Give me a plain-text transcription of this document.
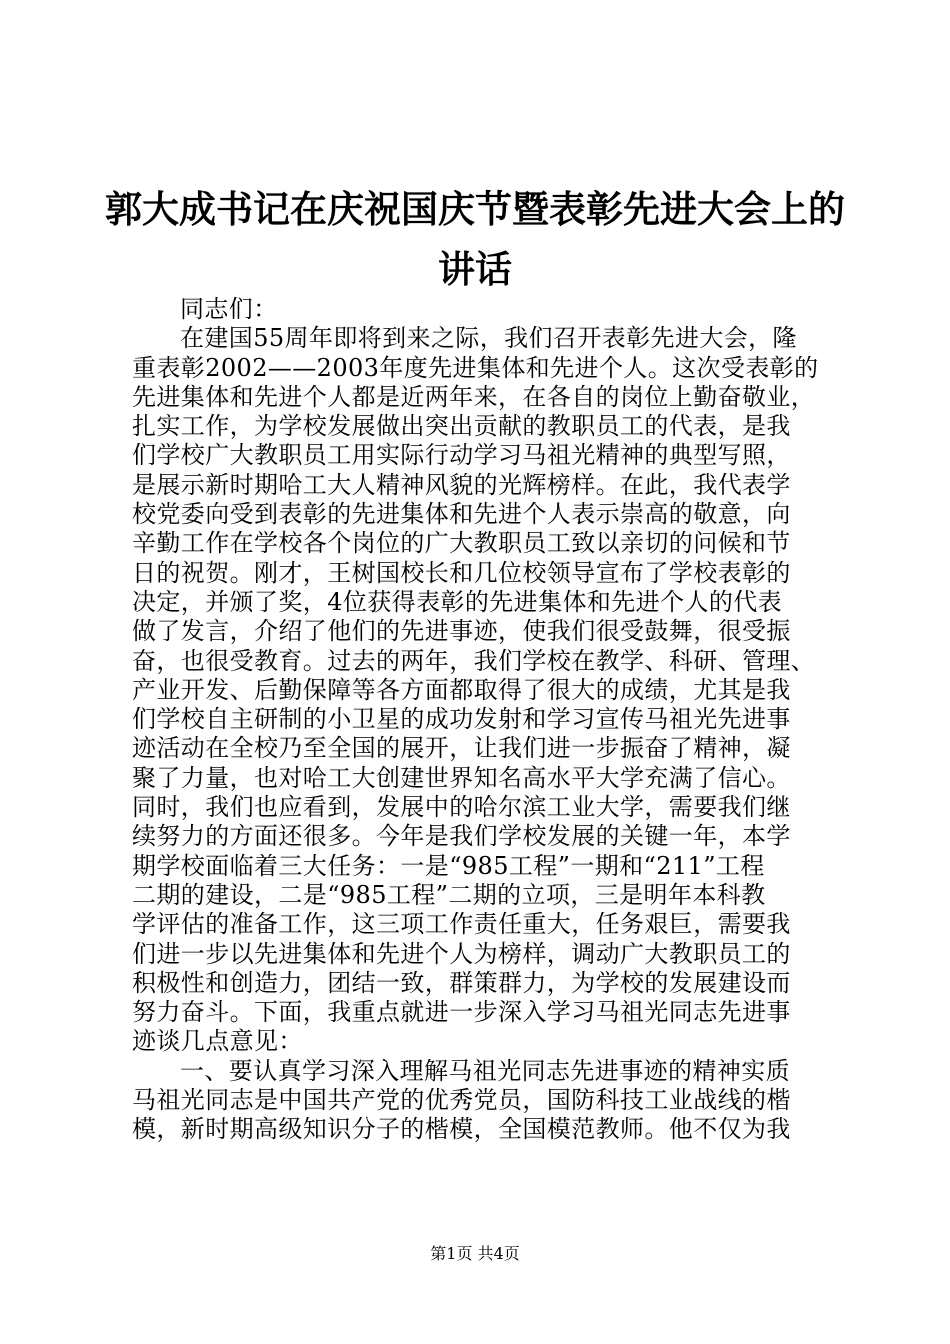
郭大成书记在庆祝国庆节暨表彰先进大会上的
讲话
同志们：
在建国55周年即将到来之际，我们召开表彰先进大会，隆
重表彰2002——2003年度先进集体和先进个人。这次受表彰的
先进集体和先进个人都是近两年来，在各自的岗位上勤奋敬业，
扎实工作，为学校发展做出突出贡献的教职员工的代表，是我
们学校广大教职员工用实际行动学习马祖光精神的典型写照，
是展示新时期哈工大人精神风貌的光辉榜样。在此，我代表学
校党委向受到表彰的先进集体和先进个人表示崇高的敬意，向
辛勤工作在学校各个岗位的广大教职员工致以亲切的问候和节
日的祝贺。刚才，王树国校长和几位校领导宣布了学校表彰的
决定，并颁了奖，4位获得表彰的先进集体和先进个人的代表
做了发言，介绍了他们的先进事迹，使我们很受鼓舞，很受振
奋，也很受教育。过去的两年，我们学校在教学、科研、管理、
产业开发、后勤保障等各方面都取得了很大的成绩，尤其是我
们学校自主研制的小卫星的成功发射和学习宣传马祖光先进事
迹活动在全校乃至全国的展开，让我们进一步振奋了精神，凝
聚了力量，也对哈工大创建世界知名高水平大学充满了信心。
同时，我们也应看到，发展中的哈尔滨工业大学，需要我们继
续努力的方面还很多。今年是我们学校发展的关键一年，本学
期学校面临着三大任务：一是“985工程”一期和“211”工程
二期的建设，二是“985工程”二期的立项，三是明年本科教
学评估的准备工作，这三项工作责任重大，任务艰巨，需要我
们进一步以先进集体和先进个人为榜样，调动广大教职员工的
积极性和创造力，团结一致，群策群力，为学校的发展建设而
努力奋斗。下面，我重点就进一步深入学习马祖光同志先进事
迹谈几点意见：
一、要认真学习深入理解马祖光同志先进事迹的精神实质
马祖光同志是中国共产党的优秀党员，国防科技工业战线的楷
模，新时期高级知识分子的楷模，全国模范教师。他不仅为我
第1页 共4页
